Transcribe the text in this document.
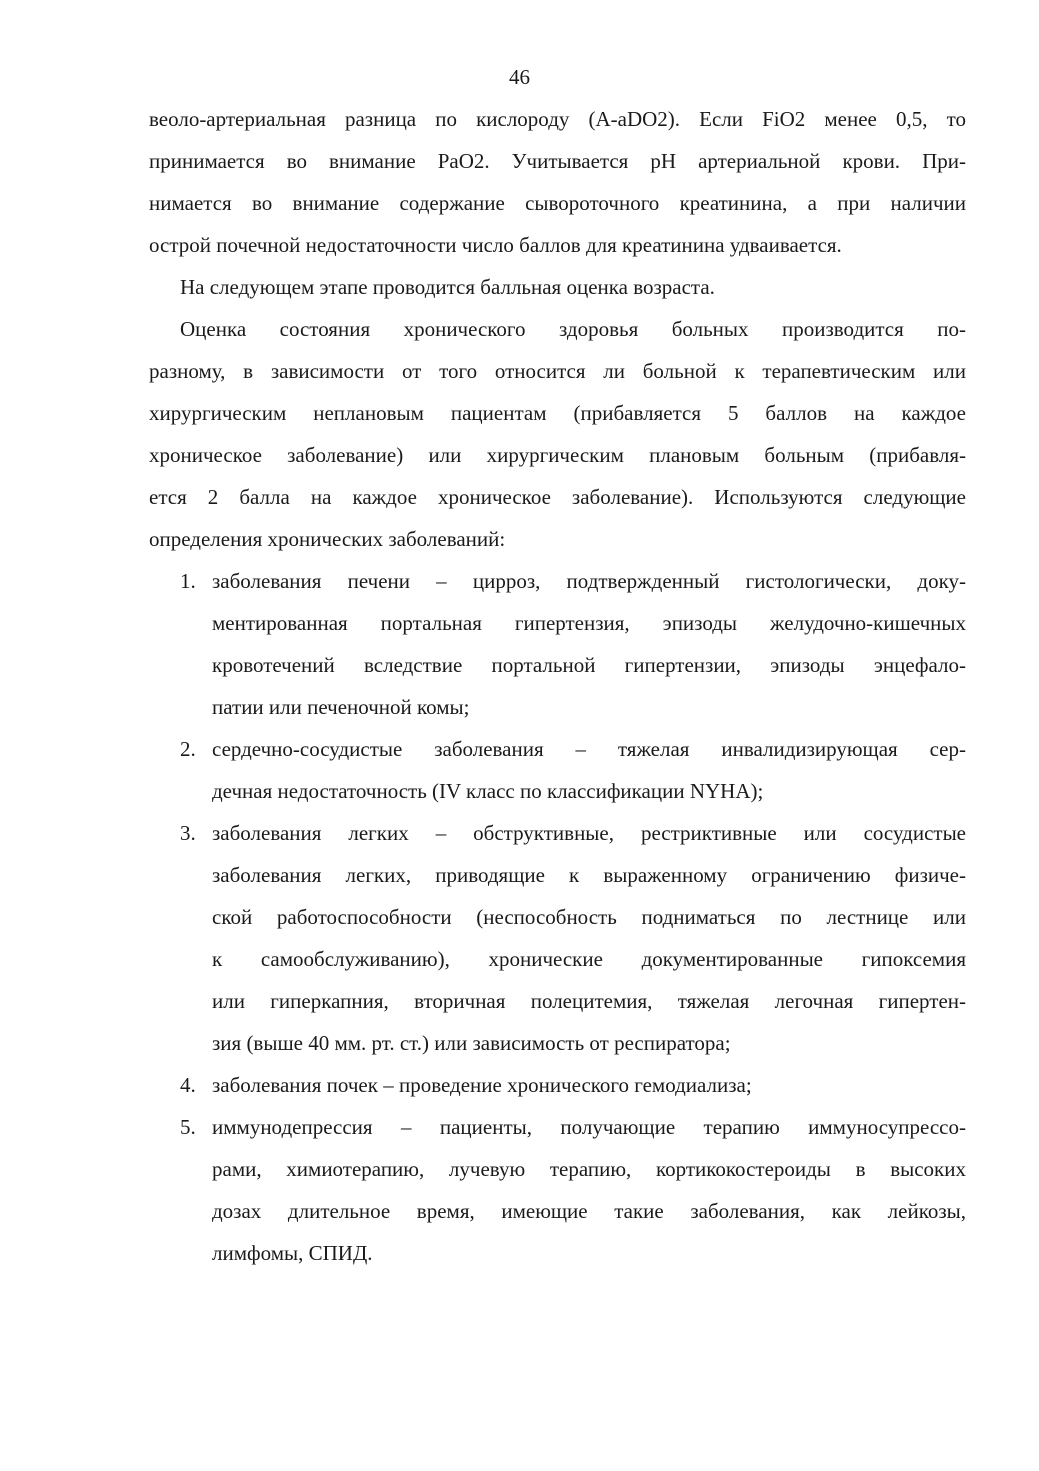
46
веоло-артериальная разница по кислороду (A-aDO2). Если FiO2 менее 0,5, то
принимается во внимание PaO2. Учитывается pH артериальной крови. При-
нимается во внимание содержание сывороточного креатинина, а при наличии
острой почечной недостаточности число баллов для креатинина удваивается.
На следующем этапе проводится балльная оценка возраста.
Оценка состояния хронического здоровья больных производится по-
разному, в зависимости от того относится ли больной к терапевтическим или
хирургическим неплановым пациентам (прибавляется 5 баллов на каждое
хроническое заболевание) или хирургическим плановым больным (прибавля-
ется 2 балла на каждое хроническое заболевание). Используются следующие
определения хронических заболеваний:
1. заболевания печени – цирроз, подтвержденный гистологически, доку-
ментированная портальная гипертензия, эпизоды желудочно-кишечных
кровотечений вследствие портальной гипертензии, эпизоды энцефало-
патии или печеночной комы;
2. сердечно-сосудистые заболевания – тяжелая инвалидизирующая сер-
дечная недостаточность (IV класс по классификации NYHA);
3. заболевания легких – обструктивные, рестриктивные или сосудистые
заболевания легких, приводящие к выраженному ограничению физиче-
ской работоспособности (неспособность подниматься по лестнице или
к самообслуживанию), хронические документированные гипоксемия
или гиперкапния, вторичная полецитемия, тяжелая легочная гипертен-
зия (выше 40 мм. рт. ст.) или зависимость от респиратора;
4. заболевания почек – проведение хронического гемодиализа;
5. иммунодепрессия – пациенты, получающие терапию иммуносупрессо-
рами, химиотерапию, лучевую терапию, кортикокостероиды в высоких
дозах длительное время, имеющие такие заболевания, как лейкозы,
лимфомы, СПИД.
